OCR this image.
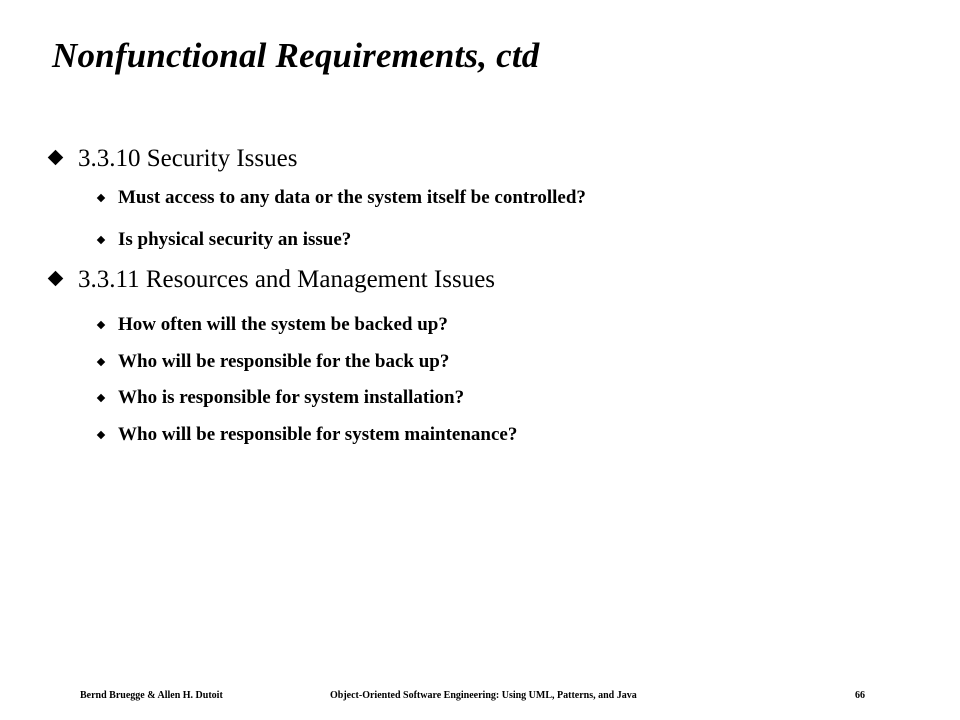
Nonfunctional Requirements, ctd
3.3.10 Security Issues
Must access to any data or the system itself be controlled?
Is physical security an issue?
3.3.11 Resources and Management Issues
How often will the system be backed up?
Who will be responsible for the back up?
Who is responsible for system installation?
Who will be responsible for system maintenance?
Bernd Bruegge & Allen H. Dutoit	Object-Oriented Software Engineering: Using UML, Patterns, and Java	66
